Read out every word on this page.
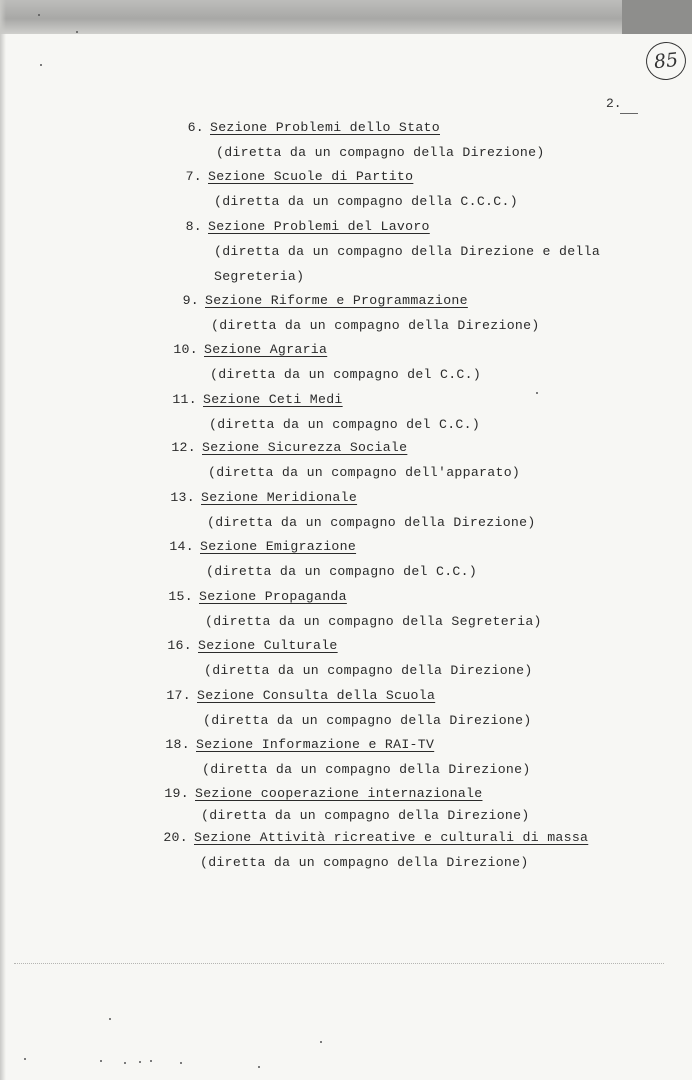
85
2.
6. Sezione Problemi dello Stato
(diretta da un compagno della Direzione)
7. Sezione Scuole di Partito
(diretta da un compagno della C.C.C.)
8. Sezione Problemi del Lavoro
(diretta da un compagno della Direzione e della
Segreteria)
9. Sezione Riforme e Programmazione
(diretta da un compagno della Direzione)
10. Sezione Agraria
(diretta da un compagno del C.C.)
11. Sezione Ceti Medi
(diretta da un compagno del C.C.)
12. Sezione Sicurezza Sociale
(diretta da un compagno dell'apparato)
13. Sezione Meridionale
(diretta da un compagno della Direzione)
14. Sezione Emigrazione
(diretta da un compagno del C.C.)
15. Sezione Propaganda
(diretta da un compagno della Segreteria)
16. Sezione Culturale
(diretta da un compagno della Direzione)
17. Sezione Consulta della Scuola
(diretta da un compagno della Direzione)
18. Sezione Informazione e RAI-TV
(diretta da un compagno della Direzione)
19. Sezione cooperazione internazionale
(diretta da un compagno della Direzione)
20. Sezione Attività ricreative e culturali di massa
(diretta da un compagno della Direzione)
